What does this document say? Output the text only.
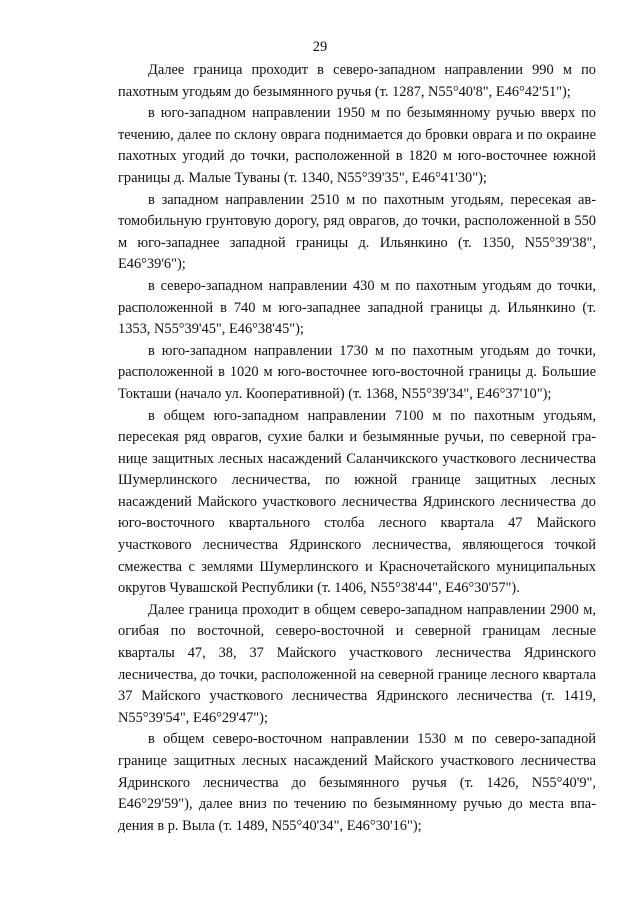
29

Далее граница проходит в северо-западном направлении 990 м по пахотным угодьям до безымянного ручья (т. 1287, N55°40'8", E46°42'51");

в юго-западном направлении 1950 м по безымянному ручью вверх по течению, далее по склону оврага поднимается до бровки оврага и по окраине пахотных угодий до точки, расположенной в 1820 м юго-восточнее южной границы д. Малые Туваны (т. 1340, N55°39'35", E46°41'30");

в западном направлении 2510 м по пахотным угодьям, пересекая автомобильную грунтовую дорогу, ряд оврагов, до точки, расположенной в 550 м юго-западнее западной границы д. Ильянкино (т. 1350, N55°39'38", E46°39'6");

в северо-западном направлении 430 м по пахотным угодьям до точки, расположенной в 740 м юго-западнее западной границы д. Ильянкино (т. 1353, N55°39'45", E46°38'45");

в юго-западном направлении 1730 м по пахотным угодьям до точки, расположенной в 1020 м юго-восточнее юго-восточной границы д. Большие Токташи (начало ул. Кооперативной) (т. 1368, N55°39'34", E46°37'10");

в общем юго-западном направлении 7100 м по пахотным угодьям, пересекая ряд оврагов, сухие балки и безымянные ручьи, по северной границе защитных лесных насаждений Саланчикского участкового лесничества Шумерлинского лесничества, по южной границе защитных лесных насаждений Майского участкового лесничества Ядринского лесничества до юго-восточного квартального столба лесного квартала 47 Майского участкового лесничества Ядринского лесничества, являющегося точкой смежества с землями Шумерлинского и Красночетайского муниципальных округов Чувашской Республики (т. 1406, N55°38'44", E46°30'57").

Далее граница проходит в общем северо-западном направлении 2900 м, огибая по восточной, северо-восточной и северной границам лесные кварталы 47, 38, 37 Майского участкового лесничества Ядринского лесничества, до точки, расположенной на северной границе лесного квартала 37 Майского участкового лесничества Ядринского лесничества (т. 1419, N55°39'54", E46°29'47");

в общем северо-восточном направлении 1530 м по северо-западной границе защитных лесных насаждений Майского участкового лесничества Ядринского лесничества до безымянного ручья (т. 1426, N55°40'9", E46°29'59"), далее вниз по течению по безымянному ручью до места впадения в р. Выла (т. 1489, N55°40'34", E46°30'16");
